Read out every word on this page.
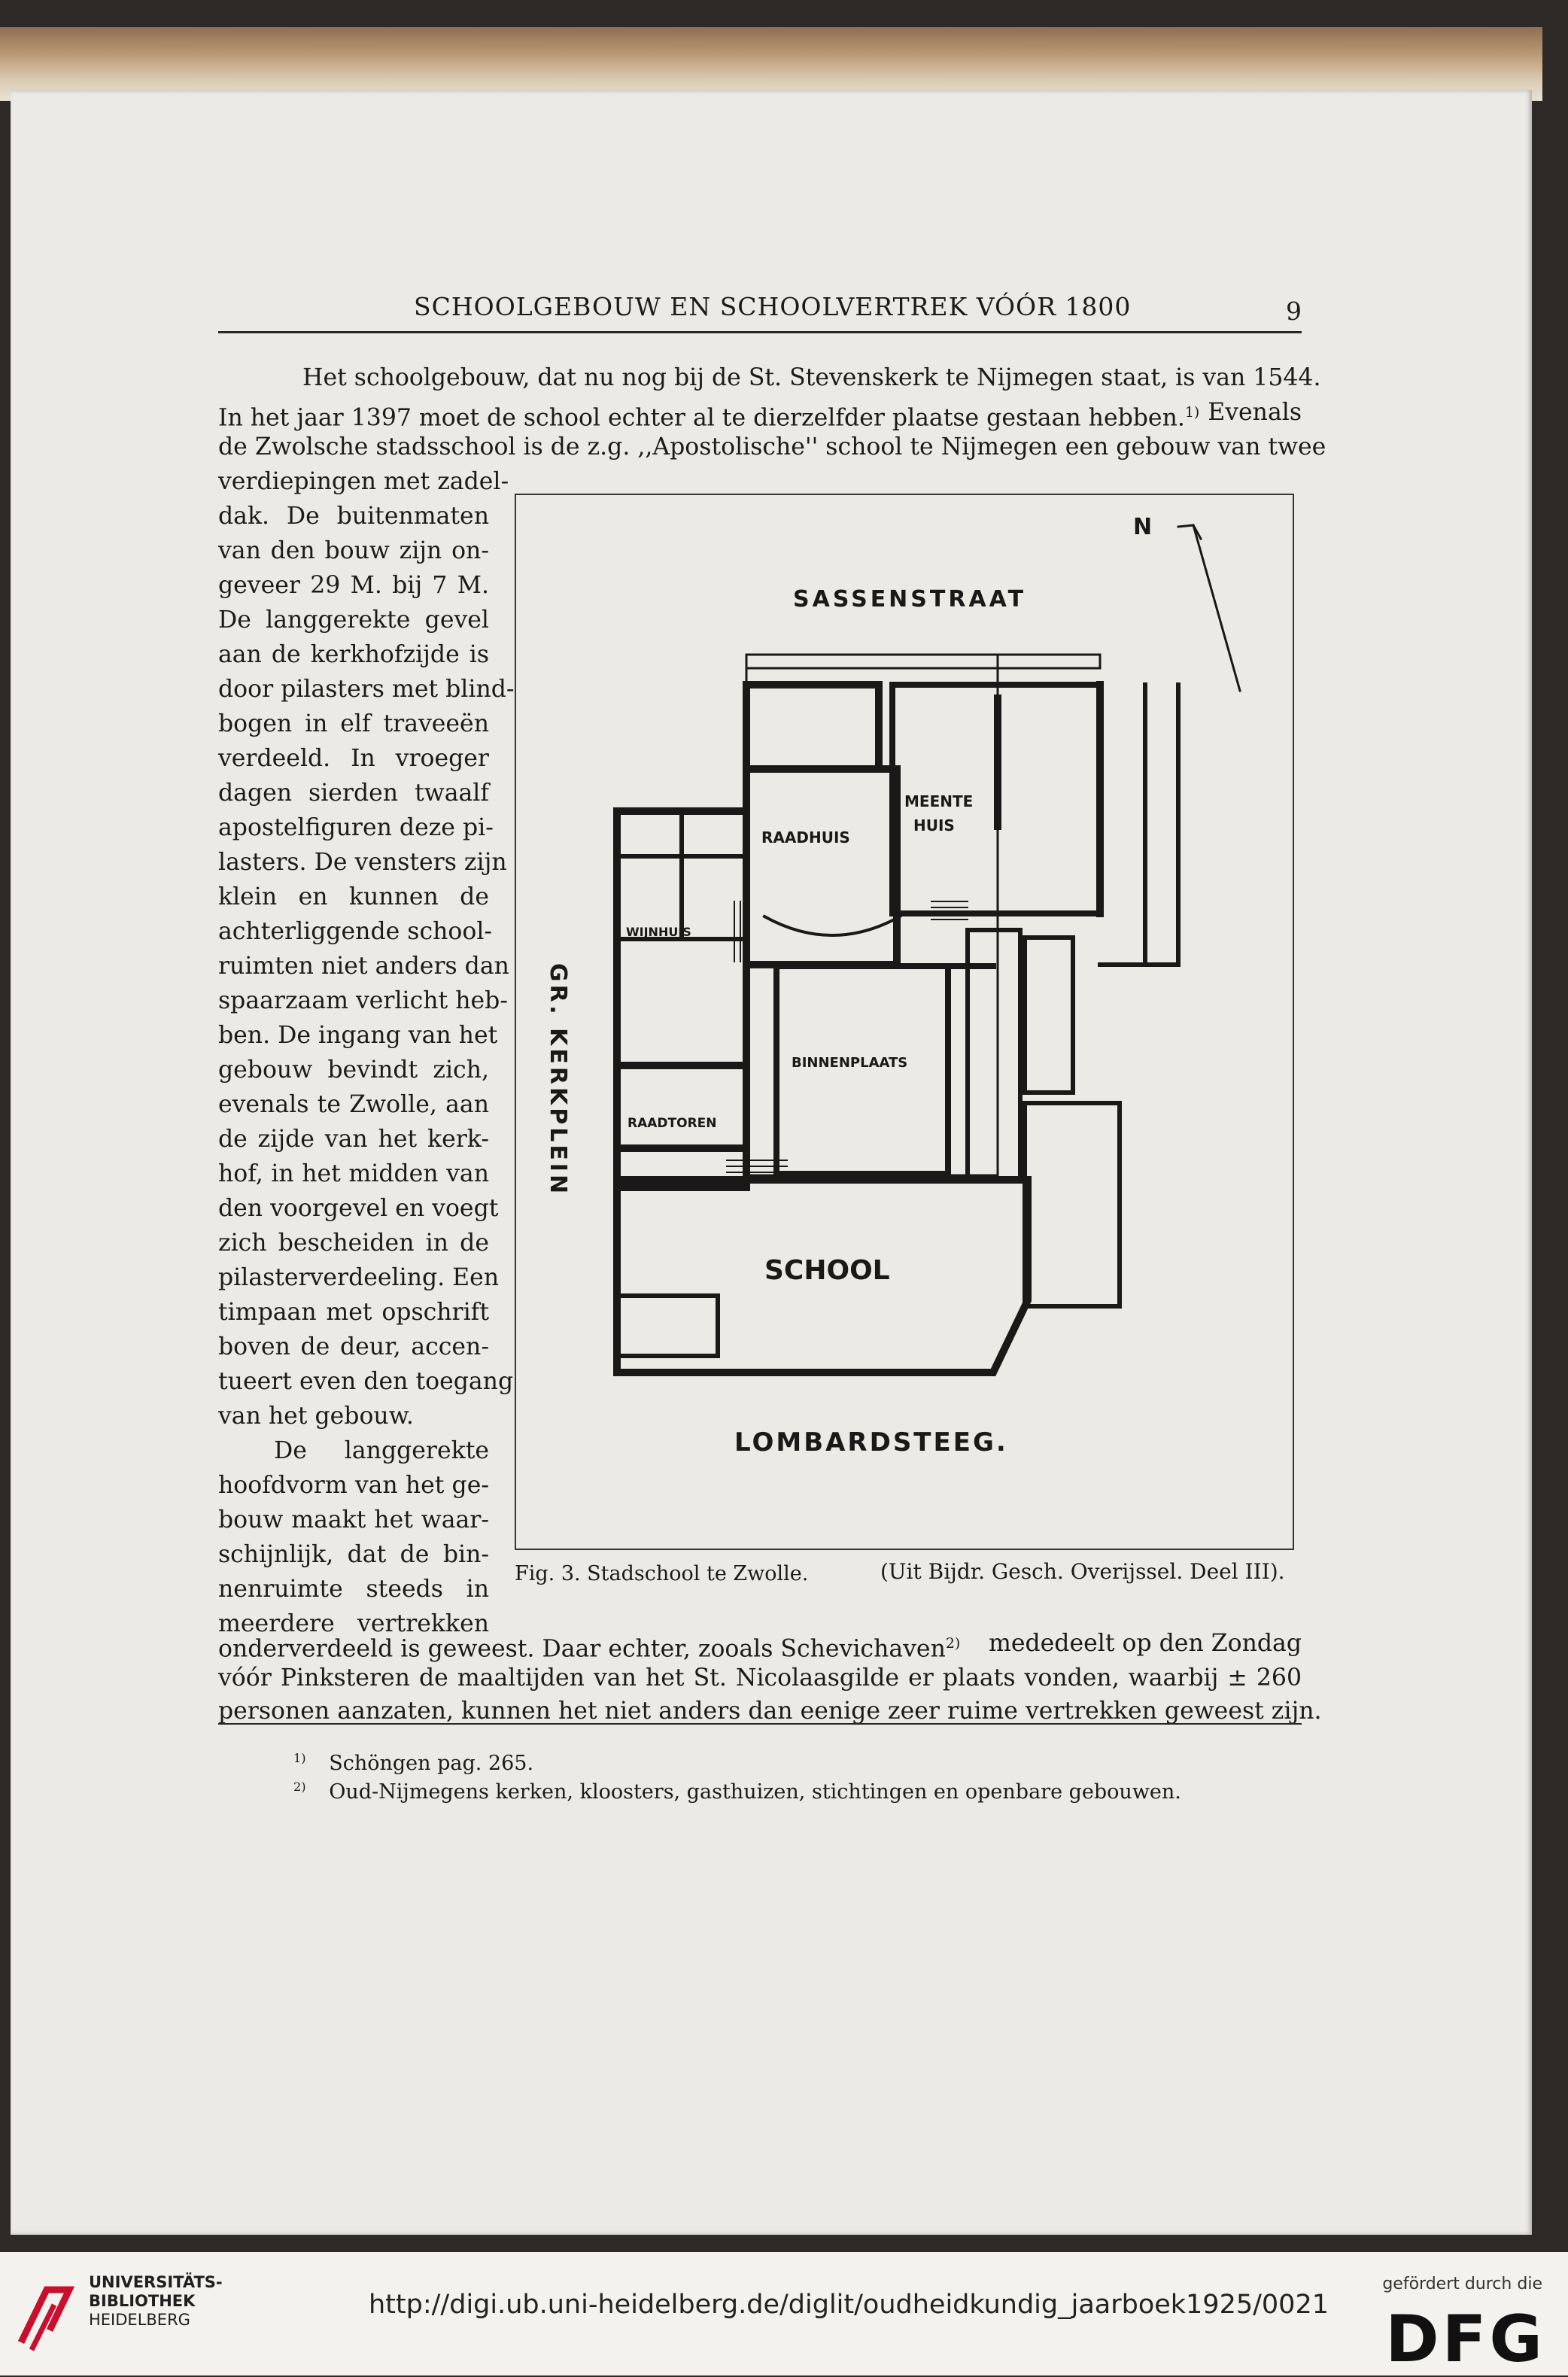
SCHOOLGEBOUW EN SCHOOLVERTREK VÓÓR 1800	9
Het schoolgebouw, dat nu nog bij de St. Stevenskerk te Nijmegen staat, is van 1544.
In het jaar 1397 moet de school echter al te dierzelfder plaatse gestaan hebben.$^{1)}$ Evenals
de Zwolsche stadsschool is de z.g. ,,Apostolische'' school te Nijmegen een gebouw van twee
verdiepingen met zadel-
dak. De buitenmaten
van den bouw zijn on-
geveer 29 M. bij 7 M.
De langgerekte gevel
aan de kerkhofzijde is
door pilasters met blind-
bogen in elf traveeën
verdeeld. In vroeger
dagen sierden twaalf
apostelfiguren deze pi-
lasters. De vensters zijn
klein en kunnen de
achterliggende school-
ruimten niet anders dan
spaarzaam verlicht heb-
ben. De ingang van het
gebouw bevindt zich,
evenals te Zwolle, aan
de zijde van het kerk-
hof, in het midden van
den voorgevel en voegt
zich bescheiden in de
pilasterverdeeling. Een
timpaan met opschrift
boven de deur, accen-
tueert even den toegang
van het gebouw.
De langgerekte
hoofdvorm van het ge-
bouw maakt het waar-
schijnlijk, dat de bin-
nenruimte steeds in
meerdere vertrekken
N
SASSENSTRAAT
LOMBARDSTEEG.
GR. KERKPLEIN
RAADHUIS
MEENTE
HUIS
WIJNHUIS
BINNENPLAATS
RAADTOREN
SCHOOL
Fig. 3. Stadschool te Zwolle.	(Uit Bijdr. Gesch. Overijssel. Deel III).
onderverdeeld is geweest. Daar echter, zooals Schevichaven$^{2)}$ mededeelt op den Zondag
vóór Pinksteren de maaltijden van het St. Nicolaasgilde er plaats vonden, waarbij ± 260
personen aanzaten, kunnen het niet anders dan eenige zeer ruime vertrekken geweest zijn.
$^{1)}$ Schöngen pag. 265.
$^{2)}$ Oud-Nijmegens kerken, kloosters, gasthuizen, stichtingen en openbare gebouwen.
UNIVERSITÄTS-
BIBLIOTHEK
HEIDELBERG	http://digi.ub.uni-heidelberg.de/diglit/oudheidkundig_jaarboek1925/0021
gefördert durch die
DFG
